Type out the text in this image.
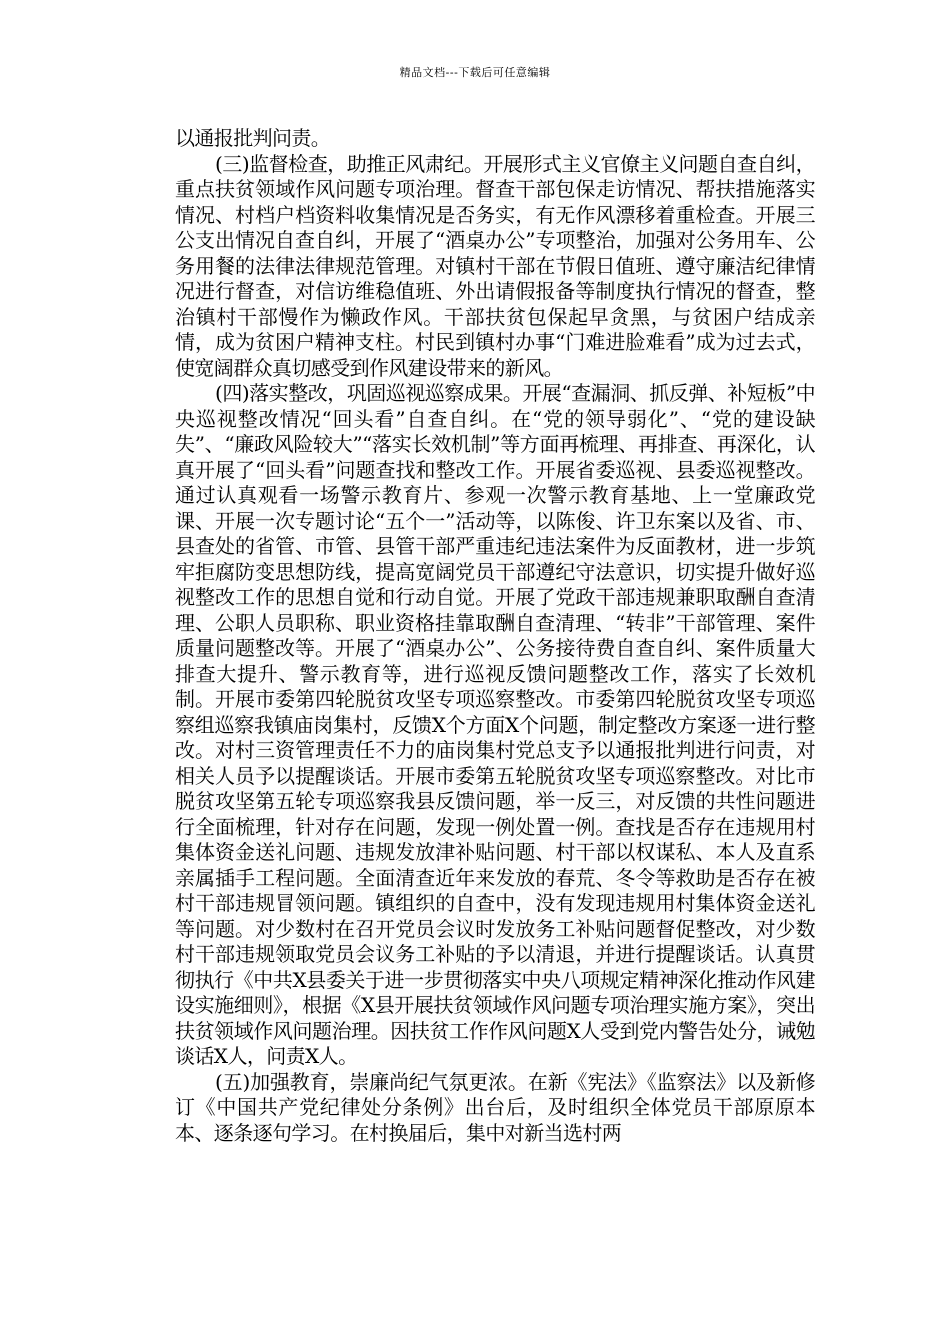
精品文档---下载后可任意编辑

以通报批判问责。

(三)监督检查，助推正风肃纪。开展形式主义官僚主义问题自查自纠，重点扶贫领域作风问题专项治理。督查干部包保走访情况、帮扶措施落实情况、村档户档资料收集情况是否务实，有无作风漂移着重检查。开展三公支出情况自查自纠，开展了“酒桌办公”专项整治，加强对公务用车、公务用餐的法律法律规范管理。对镇村干部在节假日值班、遵守廉洁纪律情况进行督查，对信访维稳值班、外出请假报备等制度执行情况的督查，整治镇村干部慢作为懒政作风。干部扶贫包保起早贪黑，与贫困户结成亲情，成为贫困户精神支柱。村民到镇村办事“门难进脸难看”成为过去式，使宽阔群众真切感受到作风建设带来的新风。

(四)落实整改，巩固巡视巡察成果。开展“查漏洞、抓反弹、补短板”中央巡视整改情况“回头看”自查自纠。在“党的领导弱化”、“党的建设缺失”、“廉政风险较大”“落实长效机制”等方面再梳理、再排查、再深化，认真开展了“回头看”问题查找和整改工作。开展省委巡视、县委巡视整改。通过认真观看一场警示教育片、参观一次警示教育基地、上一堂廉政党课、开展一次专题讨论“五个一”活动等，以陈俊、许卫东案以及省、市、县查处的省管、市管、县管干部严重违纪违法案件为反面教材，进一步筑牢拒腐防变思想防线，提高宽阔党员干部遵纪守法意识，切实提升做好巡视整改工作的思想自觉和行动自觉。开展了党政干部违规兼职取酬自查清理、公职人员职称、职业资格挂靠取酬自查清理、“转非”干部管理、案件质量问题整改等。开展了“酒桌办公”、公务接待费自查自纠、案件质量大排查大提升、警示教育等，进行巡视反馈问题整改工作，落实了长效机制。开展市委第四轮脱贫攻坚专项巡察整改。市委第四轮脱贫攻坚专项巡察组巡察我镇庙岗集村，反馈X个方面X个问题，制定整改方案逐一进行整改。对村三资管理责任不力的庙岗集村党总支予以通报批判进行问责，对相关人员予以提醒谈话。开展市委第五轮脱贫攻坚专项巡察整改。对比市脱贫攻坚第五轮专项巡察我县反馈问题，举一反三，对反馈的共性问题进行全面梳理，针对存在问题，发现一例处置一例。查找是否存在违规用村集体资金送礼问题、违规发放津补贴问题、村干部以权谋私、本人及直系亲属插手工程问题。全面清查近年来发放的春荒、冬令等救助是否存在被村干部违规冒领问题。镇组织的自查中，没有发现违规用村集体资金送礼等问题。对少数村在召开党员会议时发放务工补贴问题督促整改，对少数村干部违规领取党员会议务工补贴的予以清退，并进行提醒谈话。认真贯彻执行《中共X县委关于进一步贯彻落实中央八项规定精神深化推动作风建设实施细则》，根据《X县开展扶贫领域作风问题专项治理实施方案》，突出扶贫领域作风问题治理。因扶贫工作作风问题X人受到党内警告处分，诫勉谈话X人，问责X人。

(五)加强教育，崇廉尚纪气氛更浓。在新《宪法》《监察法》以及新修订《中国共产党纪律处分条例》出台后，及时组织全体党员干部原原本本、逐条逐句学习。在村换届后，集中对新当选村两
